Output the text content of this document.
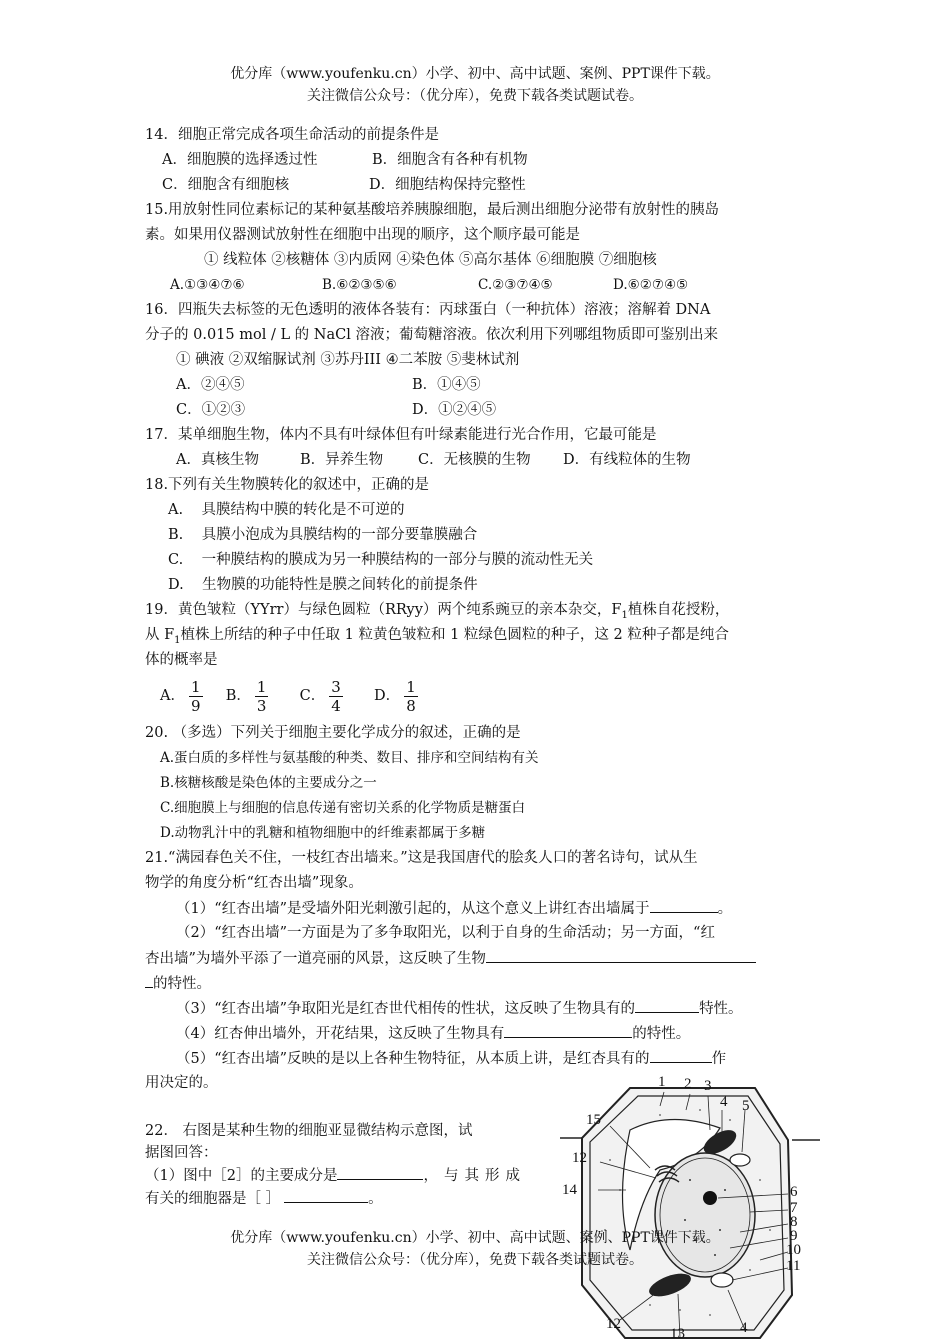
优分库（www.youfenku.cn）小学、初中、高中试题、案例、PPT课件下载。
关注微信公众号：（优分库），免费下载各类试题试卷。
14．细胞正常完成各项生命活动的前提条件是
A．细胞膜的选择透过性	B．细胞含有各种有机物
C．细胞含有细胞核	D．细胞结构保持完整性
15.用放射性同位素标记的某种氨基酸培养胰腺细胞，最后测出细胞分泌带有放射性的胰岛
素。如果用仪器测试放射性在细胞中出现的顺序，这个顺序最可能是
① 线粒体 ②核糖体 ③内质网 ④染色体 ⑤高尔基体 ⑥细胞膜 ⑦细胞核
A.①③④⑦⑥	B.⑥②③⑤⑥	C.②③⑦④⑤	D.⑥②⑦④⑤
16．四瓶失去标签的无色透明的液体各装有：丙球蛋白（一种抗体）溶液；溶解着 DNA
分子的 0.015 mol / L 的 NaCl 溶液；葡萄糖溶液。依次利用下列哪组物质即可鉴别出来
① 碘液 ②双缩脲试剂 ③苏丹III ④二苯胺 ⑤斐林试剂
A．②④⑤	B．①④⑤
C．①②③	D．①②④⑤
17．某单细胞生物，体内不具有叶绿体但有叶绿素能进行光合作用，它最可能是
A．真核生物	B．异养生物 C．无核膜的生物 D．有线粒体的生物
18.下列有关生物膜转化的叙述中，正确的是
A.    具膜结构中膜的转化是不可逆的
B.    具膜小泡成为具膜结构的一部分要靠膜融合
C.    一种膜结构的膜成为另一种膜结构的一部分与膜的流动性无关
D.    生物膜的功能特性是膜之间转化的前提条件
19．黄色皱粒（YYrr）与绿色圆粒（RRyy）两个纯系豌豆的亲本杂交，$F_1$植株自花授粉，
从 $F_1$植株上所结的种子中任取 1 粒黄色皱粒和 1 粒绿色圆粒的种子，这 2 粒种子都是纯合
体的概率是
A． $\frac{1}{9}$ B． $\frac{1}{3}$ C． $\frac{3}{4}$ D． $\frac{1}{8}$
20. （多选）下列关于细胞主要化学成分的叙述，正确的是
A.蛋白质的多样性与氨基酸的种类、数目、排序和空间结构有关
B.核糖核酸是染色体的主要成分之一
C.细胞膜上与细胞的信息传递有密切关系的化学物质是糖蛋白
D.动物乳汁中的乳糖和植物细胞中的纤维素都属于多糖
21.“满园春色关不住，一枝红杏出墙来。”这是我国唐代的脍炙人口的著名诗句，试从生
物学的角度分析“红杏出墙”现象。
（1）“红杏出墙”是受墙外阳光刺激引起的，从这个意义上讲红杏出墙属于	。
（2）“红杏出墙”一方面是为了多争取阳光，以利于自身的生命活动；另一方面，“红
杏出墙”为墙外平添了一道亮丽的风景，这反映了生物
的特性。
（3）“红杏出墙”争取阳光是红杏世代相传的性状，这反映了生物具有的	特性。
（4）红杏伸出墙外，开花结果，这反映了生物具有	的特性。
（5）“红杏出墙”反映的是以上各种生物特征，从本质上讲，是红杏具有的	作
用决定的。
22． 右图是某种生物的细胞亚显微结构示意图，试
据图回答：
（1）图中［2］的主要成分是	，与其形成
有关的细胞器是［ ］	。
1 2 3
4 5
15
12
14	6
7
8
9
10
11
12
13	4
优分库（www.youfenku.cn）小学、初中、高中试题、案例、PPT课件下载。
关注微信公众号：（优分库），免费下载各类试题试卷。
